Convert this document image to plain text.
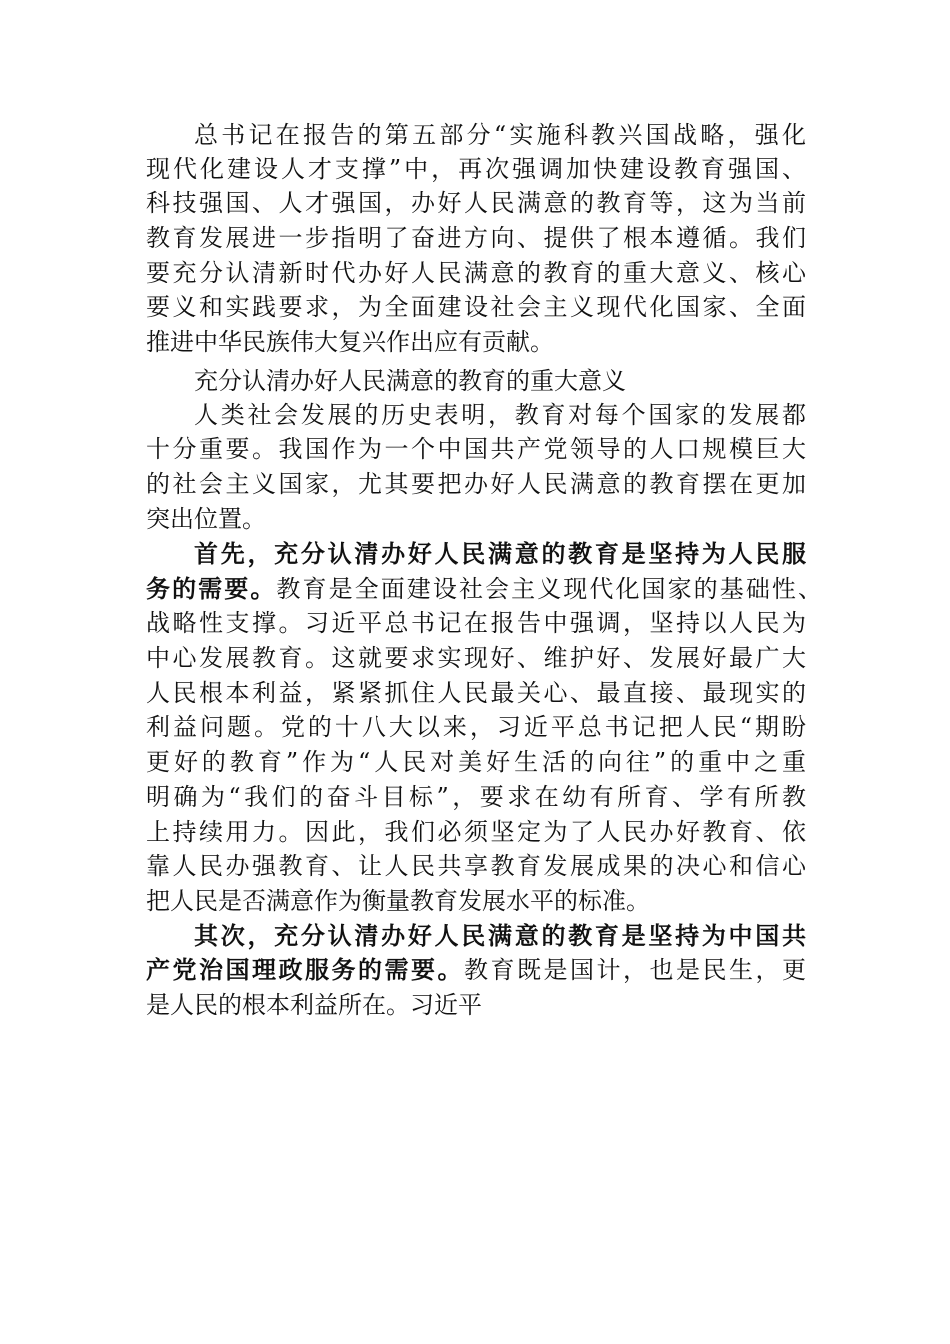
总书记在报告的第五部分“实施科教兴国战略，强化
现代化建设人才支撑”中，再次强调加快建设教育强国、
科技强国、人才强国，办好人民满意的教育等，这为当前
教育发展进一步指明了奋进方向、提供了根本遵循。我们
要充分认清新时代办好人民满意的教育的重大意义、核心
要义和实践要求，为全面建设社会主义现代化国家、全面
推进中华民族伟大复兴作出应有贡献。
充分认清办好人民满意的教育的重大意义
人类社会发展的历史表明，教育对每个国家的发展都
十分重要。我国作为一个中国共产党领导的人口规模巨大
的社会主义国家，尤其要把办好人民满意的教育摆在更加
突出位置。
首先，充分认清办好人民满意的教育是坚持为人民服
务的需要。教育是全面建设社会主义现代化国家的基础性、
战略性支撑。习近平总书记在报告中强调，坚持以人民为
中心发展教育。这就要求实现好、维护好、发展好最广大
人民根本利益，紧紧抓住人民最关心、最直接、最现实的
利益问题。党的十八大以来，习近平总书记把人民“期盼
更好的教育”作为“人民对美好生活的向往”的重中之重
明确为“我们的奋斗目标”，要求在幼有所育、学有所教
上持续用力。因此，我们必须坚定为了人民办好教育、依
靠人民办强教育、让人民共享教育发展成果的决心和信心
把人民是否满意作为衡量教育发展水平的标准。
其次，充分认清办好人民满意的教育是坚持为中国共
产党治国理政服务的需要。教育既是国计，也是民生，更
是人民的根本利益所在。习近平
